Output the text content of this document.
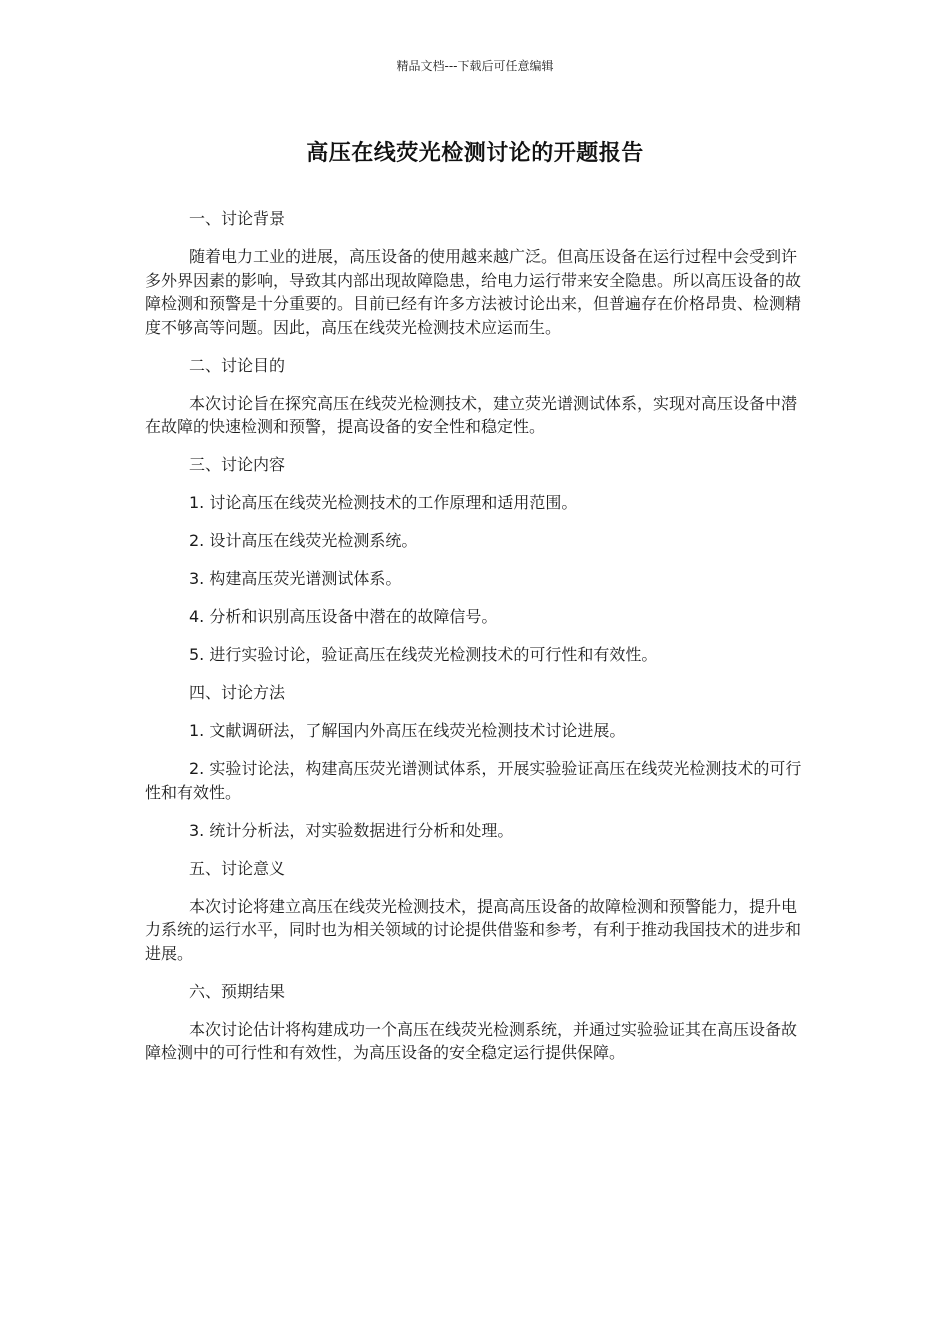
精品文档---下载后可任意编辑
高压在线荧光检测讨论的开题报告

一、讨论背景

随着电力工业的进展，高压设备的使用越来越广泛。但高压设备在运行过程中会受到许多外界因素的影响，导致其内部出现故障隐患，给电力运行带来安全隐患。所以高压设备的故障检测和预警是十分重要的。目前已经有许多方法被讨论出来，但普遍存在价格昂贵、检测精度不够高等问题。因此，高压在线荧光检测技术应运而生。

二、讨论目的

本次讨论旨在探究高压在线荧光检测技术，建立荧光谱测试体系，实现对高压设备中潜在故障的快速检测和预警，提高设备的安全性和稳定性。

三、讨论内容

1. 讨论高压在线荧光检测技术的工作原理和适用范围。

2. 设计高压在线荧光检测系统。

3. 构建高压荧光谱测试体系。

4. 分析和识别高压设备中潜在的故障信号。

5. 进行实验讨论，验证高压在线荧光检测技术的可行性和有效性。

四、讨论方法

1. 文献调研法，了解国内外高压在线荧光检测技术讨论进展。

2. 实验讨论法，构建高压荧光谱测试体系，开展实验验证高压在线荧光检测技术的可行性和有效性。

3. 统计分析法，对实验数据进行分析和处理。

五、讨论意义

本次讨论将建立高压在线荧光检测技术，提高高压设备的故障检测和预警能力，提升电力系统的运行水平，同时也为相关领域的讨论提供借鉴和参考，有利于推动我国技术的进步和进展。

六、预期结果

本次讨论估计将构建成功一个高压在线荧光检测系统，并通过实验验证其在高压设备故障检测中的可行性和有效性，为高压设备的安全稳定运行提供保障。
